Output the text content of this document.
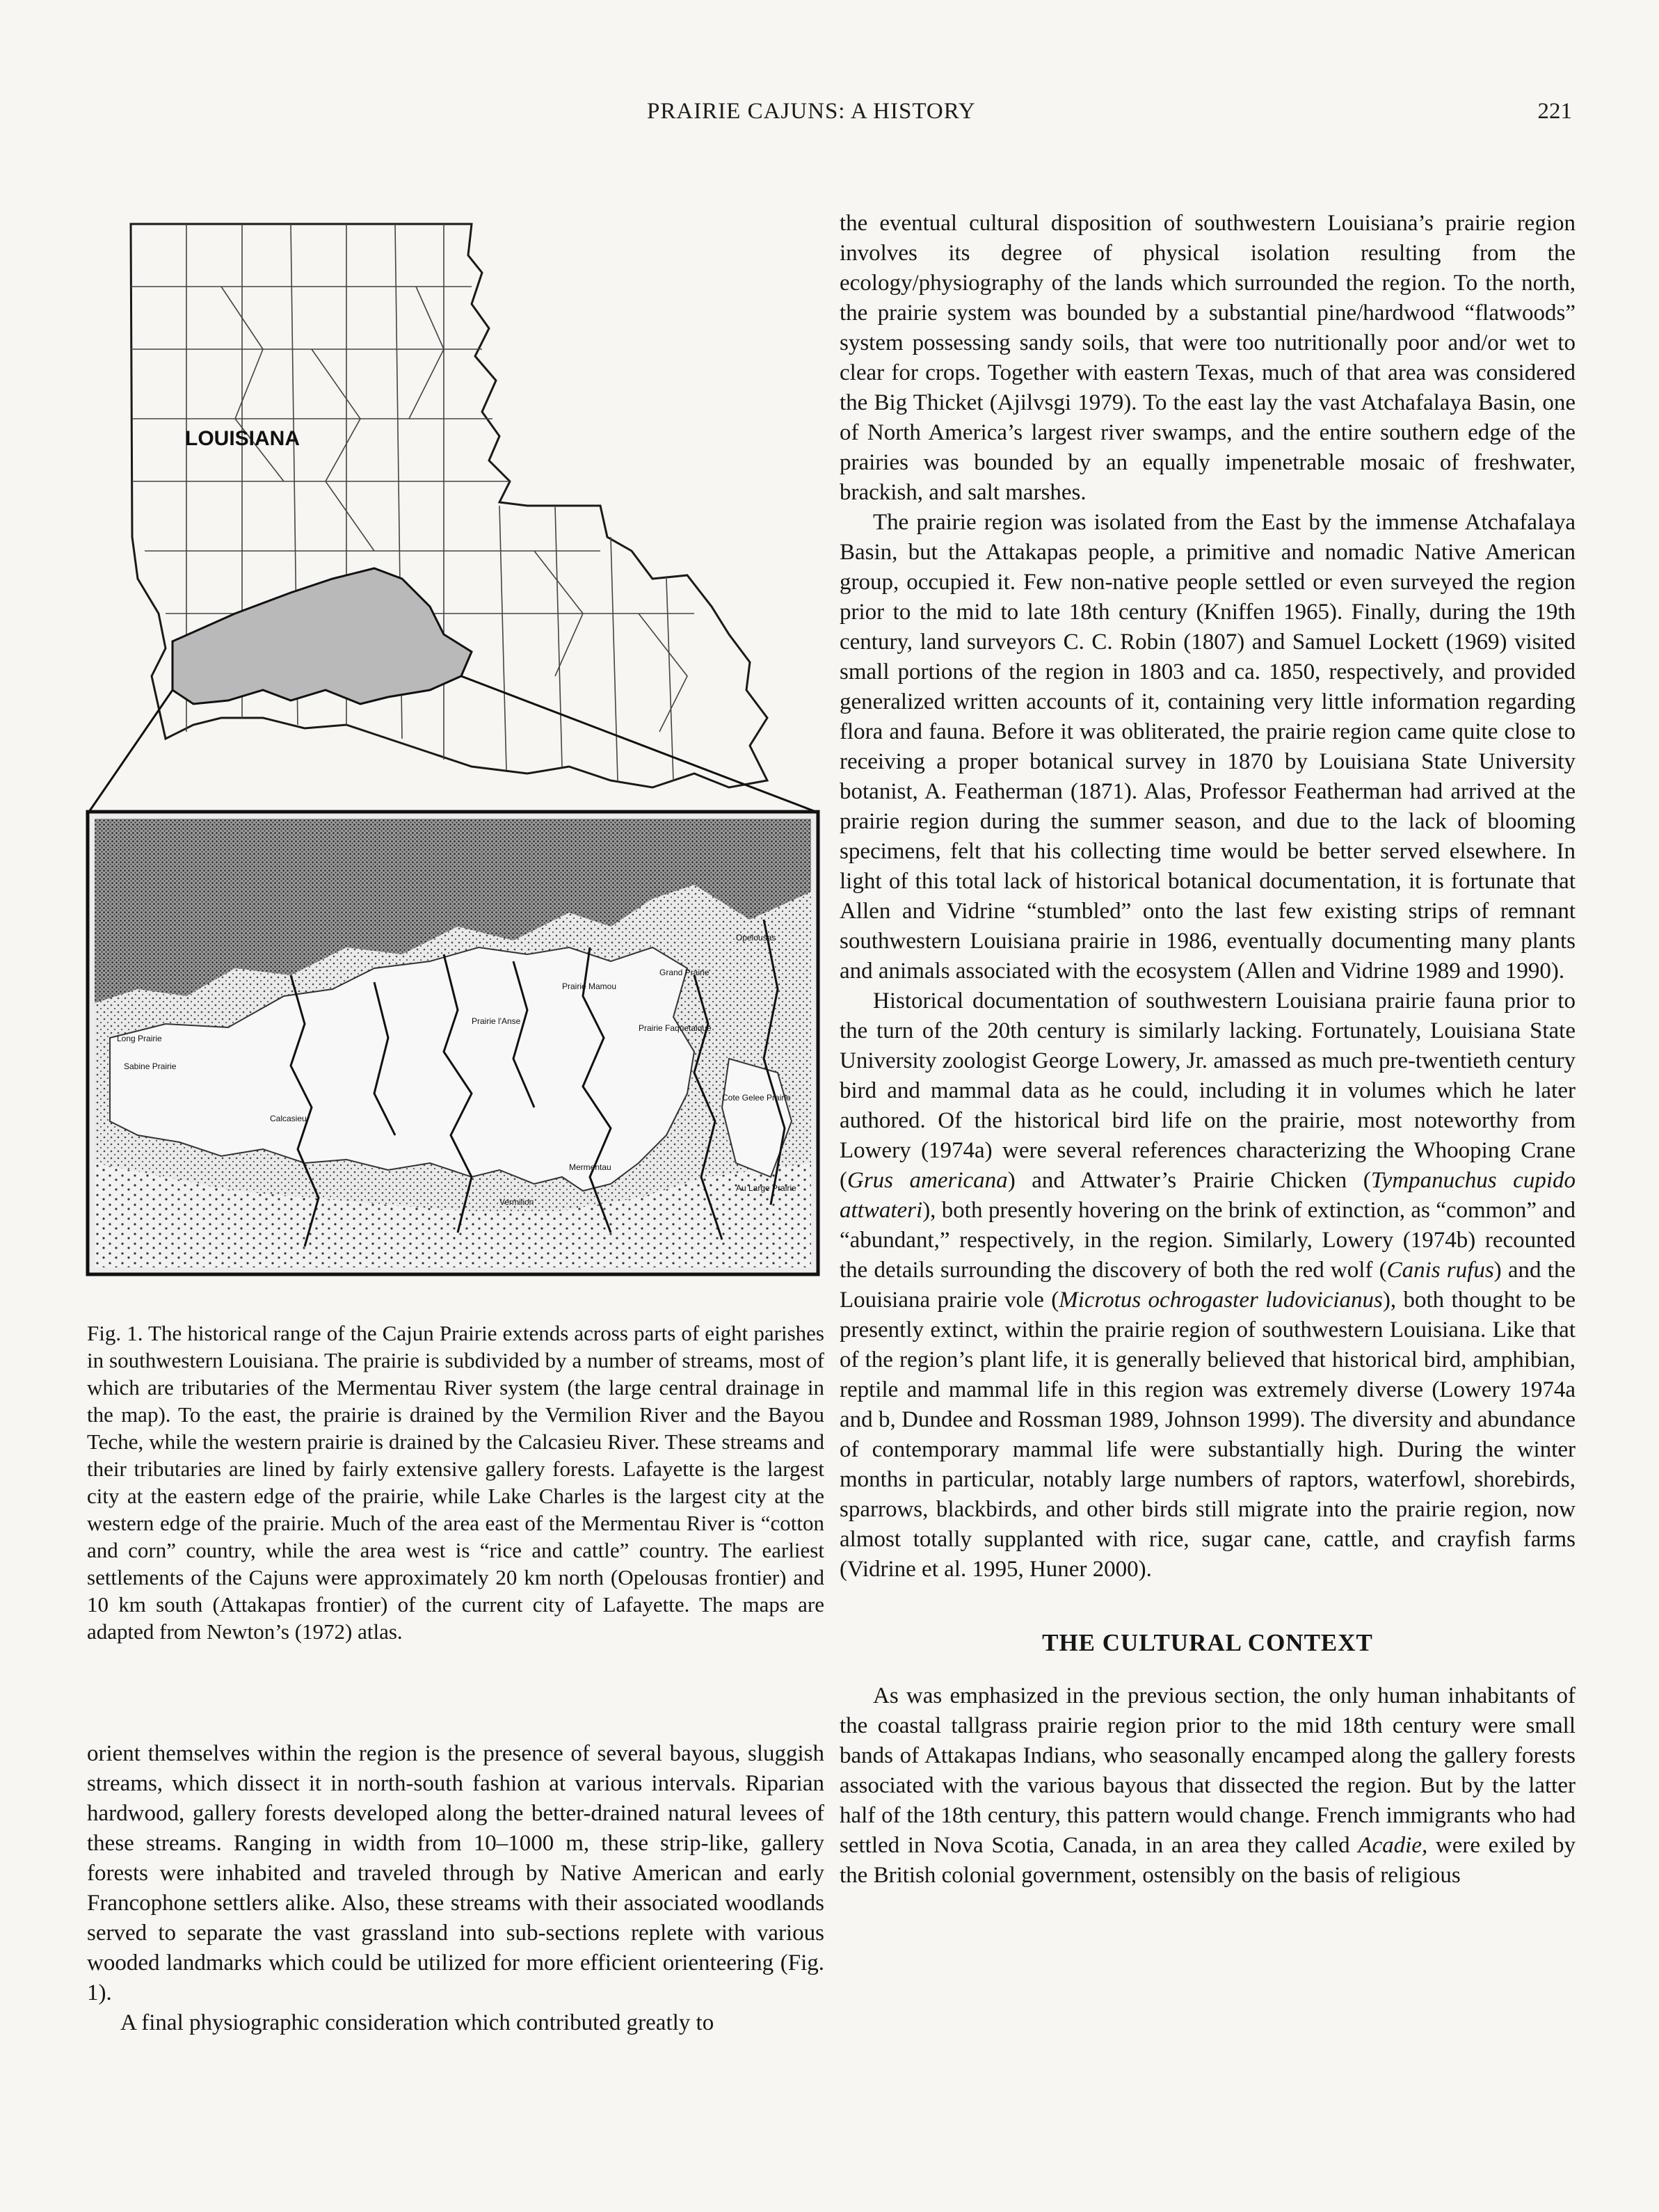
PRAIRIE CAJUNS: A HISTORY	221
LOUISIANA
Long Prairie
Sabine Prairie
Calcasieu
Vermilion
Mermentau
Cote Gelee Prairie
Grand Prairie
Prairie Mamou
Prairie Faquetaique
Opelousas
Prairie l'Anse
Au Large Prairie
Fig. 1. The historical range of the Cajun Prairie extends across parts of eight parishes in southwestern Louisiana. The prairie is subdivided by a number of streams, most of which are tributaries of the Mermentau River system (the large central drainage in the map). To the east, the prairie is drained by the Vermilion River and the Bayou Teche, while the western prairie is drained by the Calcasieu River. These streams and their tributaries are lined by fairly extensive gallery forests. Lafayette is the largest city at the eastern edge of the prairie, while Lake Charles is the largest city at the western edge of the prairie. Much of the area east of the Mermentau River is “cotton and corn” country, while the area west is “rice and cattle” country. The earliest settlements of the Cajuns were approximately 20 km north (Opelousas frontier) and 10 km south (Attakapas frontier) of the current city of Lafayette. The maps are adapted from Newton’s (1972) atlas.

orient themselves within the region is the presence of several bayous, sluggish streams, which dissect it in north-south fashion at various intervals. Riparian hardwood, gallery forests developed along the better-drained natural levees of these streams. Ranging in width from 10–1000 m, these strip-like, gallery forests were inhabited and traveled through by Native American and early Francophone settlers alike. Also, these streams with their associated woodlands served to separate the vast grassland into sub-sections replete with various wooded landmarks which could be utilized for more efficient orienteering (Fig. 1).

A final physiographic consideration which contributed greatly to

the eventual cultural disposition of southwestern Louisiana’s prairie region involves its degree of physical isolation resulting from the ecology/physiography of the lands which surrounded the region. To the north, the prairie system was bounded by a substantial pine/hardwood “flatwoods” system possessing sandy soils, that were too nutritionally poor and/or wet to clear for crops. Together with eastern Texas, much of that area was considered the Big Thicket (Ajilvsgi 1979). To the east lay the vast Atchafalaya Basin, one of North America’s largest river swamps, and the entire southern edge of the prairies was bounded by an equally impenetrable mosaic of freshwater, brackish, and salt marshes.

The prairie region was isolated from the East by the immense Atchafalaya Basin, but the Attakapas people, a primitive and nomadic Native American group, occupied it. Few non-native people settled or even surveyed the region prior to the mid to late 18th century (Kniffen 1965). Finally, during the 19th century, land surveyors C. C. Robin (1807) and Samuel Lockett (1969) visited small portions of the region in 1803 and ca. 1850, respectively, and provided generalized written accounts of it, containing very little information regarding flora and fauna. Before it was obliterated, the prairie region came quite close to receiving a proper botanical survey in 1870 by Louisiana State University botanist, A. Featherman (1871). Alas, Professor Featherman had arrived at the prairie region during the summer season, and due to the lack of blooming specimens, felt that his collecting time would be better served elsewhere. In light of this total lack of historical botanical documentation, it is fortunate that Allen and Vidrine “stumbled” onto the last few existing strips of remnant southwestern Louisiana prairie in 1986, eventually documenting many plants and animals associated with the ecosystem (Allen and Vidrine 1989 and 1990).

Historical documentation of southwestern Louisiana prairie fauna prior to the turn of the 20th century is similarly lacking. Fortunately, Louisiana State University zoologist George Lowery, Jr. amassed as much pre-twentieth century bird and mammal data as he could, including it in volumes which he later authored. Of the historical bird life on the prairie, most noteworthy from Lowery (1974a) were several references characterizing the Whooping Crane (Grus americana) and Attwater’s Prairie Chicken (Tympanuchus cupido attwateri), both presently hovering on the brink of extinction, as “common” and “abundant,” respectively, in the region. Similarly, Lowery (1974b) recounted the details surrounding the discovery of both the red wolf (Canis rufus) and the Louisiana prairie vole (Microtus ochrogaster ludovicianus), both thought to be presently extinct, within the prairie region of southwestern Louisiana. Like that of the region’s plant life, it is generally believed that historical bird, amphibian, reptile and mammal life in this region was extremely diverse (Lowery 1974a and b, Dundee and Rossman 1989, Johnson 1999). The diversity and abundance of contemporary mammal life were substantially high. During the winter months in particular, notably large numbers of raptors, waterfowl, shorebirds, sparrows, blackbirds, and other birds still migrate into the prairie region, now almost totally supplanted with rice, sugar cane, cattle, and crayfish farms (Vidrine et al. 1995, Huner 2000).

THE CULTURAL CONTEXT

As was emphasized in the previous section, the only human inhabitants of the coastal tallgrass prairie region prior to the mid 18th century were small bands of Attakapas Indians, who seasonally encamped along the gallery forests associated with the various bayous that dissected the region. But by the latter half of the 18th century, this pattern would change. French immigrants who had settled in Nova Scotia, Canada, in an area they called Acadie, were exiled by the British colonial government, ostensibly on the basis of religious
